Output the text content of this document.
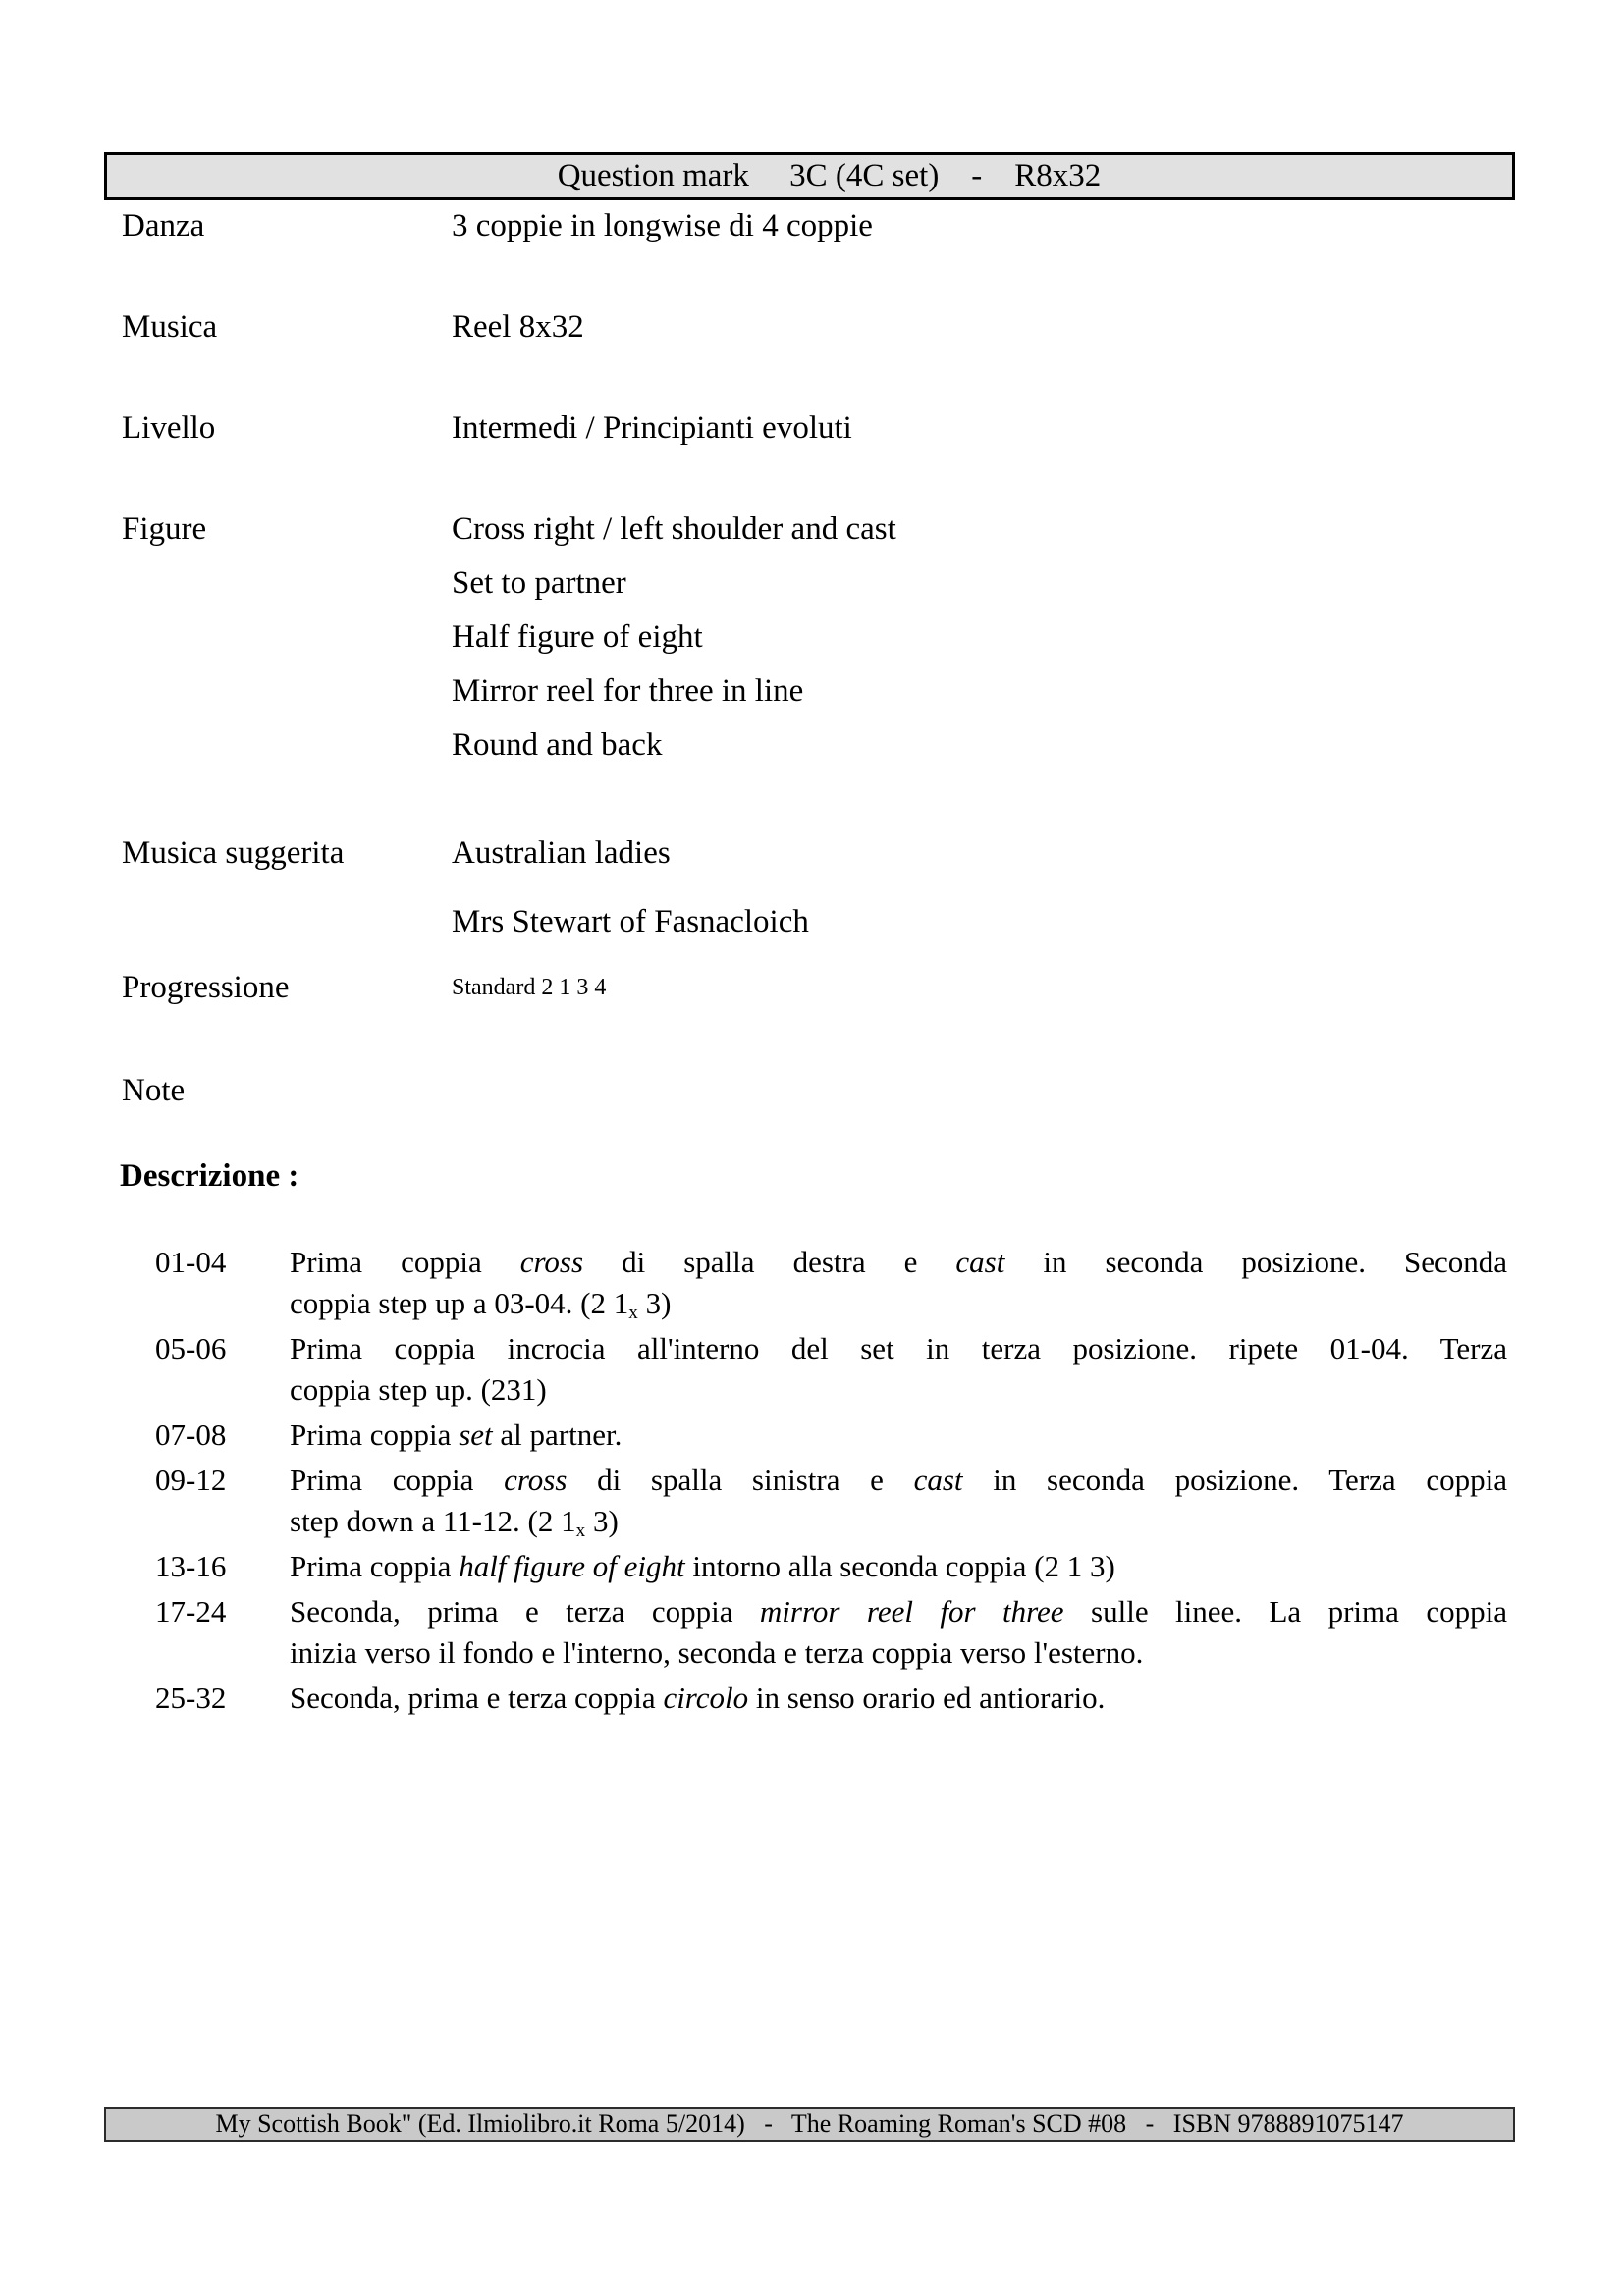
Question mark     3C (4C set)    -    R8x32
Danza	3 coppie in longwise di 4 coppie
Musica	Reel 8x32
Livello	Intermedi / Principianti evoluti
Figure	Cross right / left shoulder and cast
Set to partner
Half figure of eight
Mirror reel for three in line
Round and back
Musica suggerita	Australian ladies
Mrs Stewart of Fasnacloich
Progressione	Standard 2 1 3 4
Note
Descrizione :
01-04	Prima coppia cross di spalla destra e cast in seconda posizione. Seconda
coppia step up a 03-04. (2 $1_x$ 3)
05-06	Prima coppia incrocia all'interno del set in terza posizione. ripete 01-04. Terza
coppia step up. (231)
07-08	Prima coppia set al partner.
09-12	Prima coppia cross di spalla sinistra e cast in seconda posizione. Terza coppia
step down a 11-12. (2 $1_x$ 3)
13-16	Prima coppia half figure of eight intorno alla seconda coppia (2 1 3)
17-24	Seconda, prima e terza coppia mirror reel for three sulle linee. La prima coppia
inizia verso il fondo e l'interno, seconda e terza coppia verso l'esterno.
25-32	Seconda, prima e terza coppia circolo in senso orario ed antiorario.
My Scottish Book" (Ed. Ilmiolibro.it Roma 5/2014)   -   The Roaming Roman's SCD #08   -   ISBN 9788891075147
